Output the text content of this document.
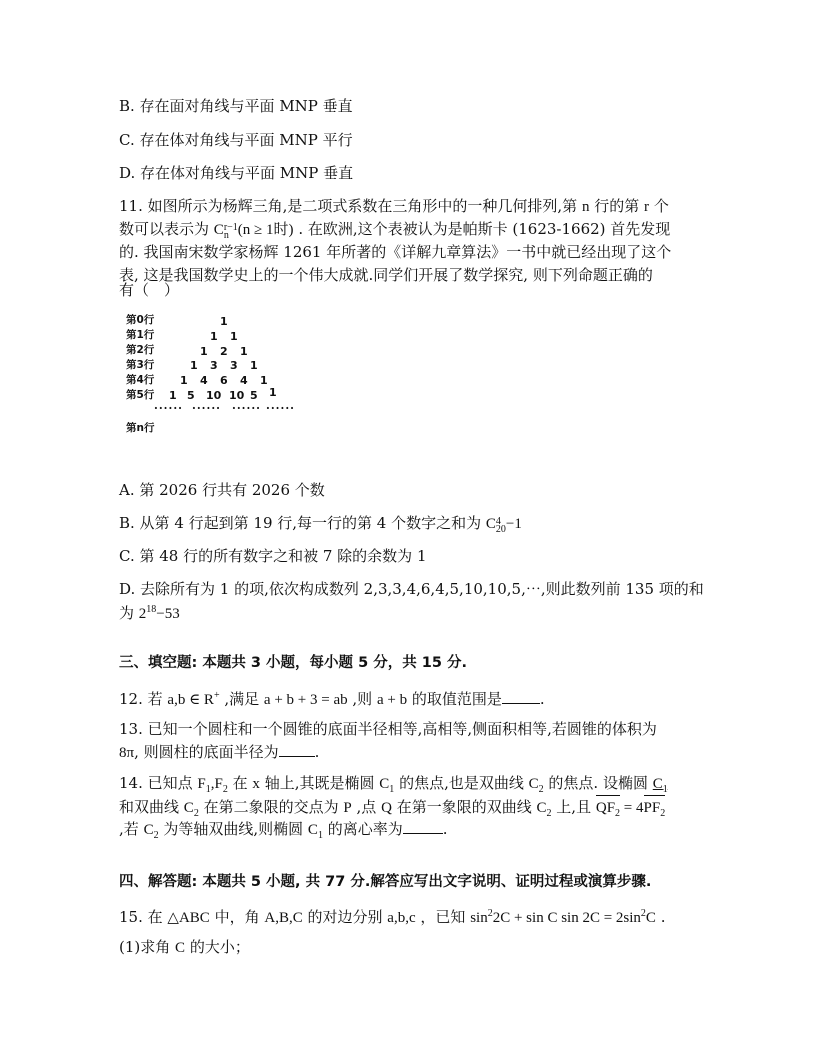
B. 存在面对角线与平面 MNP 垂直
C. 存在体对角线与平面 MNP 平行
D. 存在体对角线与平面 MNP 垂直
11. 如图所示为杨辉三角,是二项式系数在三角形中的一种几何排列,第 n 行的第 r 个
数可以表示为 C r−1
n (n ≥ 1时) . 在欧洲,这个表被认为是帕斯卡 (1623-1662) 首先发现
的. 我国南宋数学家杨辉 1261 年所著的《详解九章算法》一书中就已经出现了这个
表, 这是我国数学史上的一个伟大成就.同学们开展了数学探究, 则下列命题正确的
有（　）
第0行
第1行
第2行
第3行
第4行
第5行
第n行
1
1 1
1 2 1
1 3 3 1
1 4 6 4 1
1 5 10 10 5 1
...... ...... ...... ......
A. 第 2026 行共有 2026 个数
B. 从第 4 行起到第 19 行,每一行的第 4 个数字之和为 C 4
20 −1
C. 第 48 行的所有数字之和被 7 除的余数为 1
D. 去除所有为 1 的项,依次构成数列 2,3,3,4,6,4,5,10,10,5,⋯,则此数列前 135 项的和
为 $2^{18}-53$
三、填空题: 本题共 3 小题，每小题 5 分，共 15 分.
12. 若 a,b ∈ R+ ,满足 a + b + 3 = ab ,则 a + b 的取值范围是	.
13. 已知一个圆柱和一个圆锥的底面半径相等,高相等,侧面积相等,若圆锥的体积为
8π, 则圆柱的底面半径为 .
14. 已知点 $F_1,F_2$ 在 x 轴上,其既是椭圆 $C_1$ 的焦点,也是双曲线 $C_2$ 的焦点. 设椭圆 $C_1$
和双曲线 $C_2$ 在第二象限的交点为 P ,点 Q 在第一象限的双曲线 $C_2$ 上,且 $QF_2 = 4$
$PF_2$
,若 $C_2$ 为等轴双曲线,则椭圆 $C_1$ 的离心率为	.
四、解答题: 本题共 5 小题, 共 77 分.解答应写出文字说明、证明过程或演算步骤.
15. 在 △ABC 中，角 A,B,C 的对边分别 a,b,c ，已知 $\sin^22C + \sin C$ $\sin 2C = 2\sin^2C$ .
(1)求角 C 的大小；
